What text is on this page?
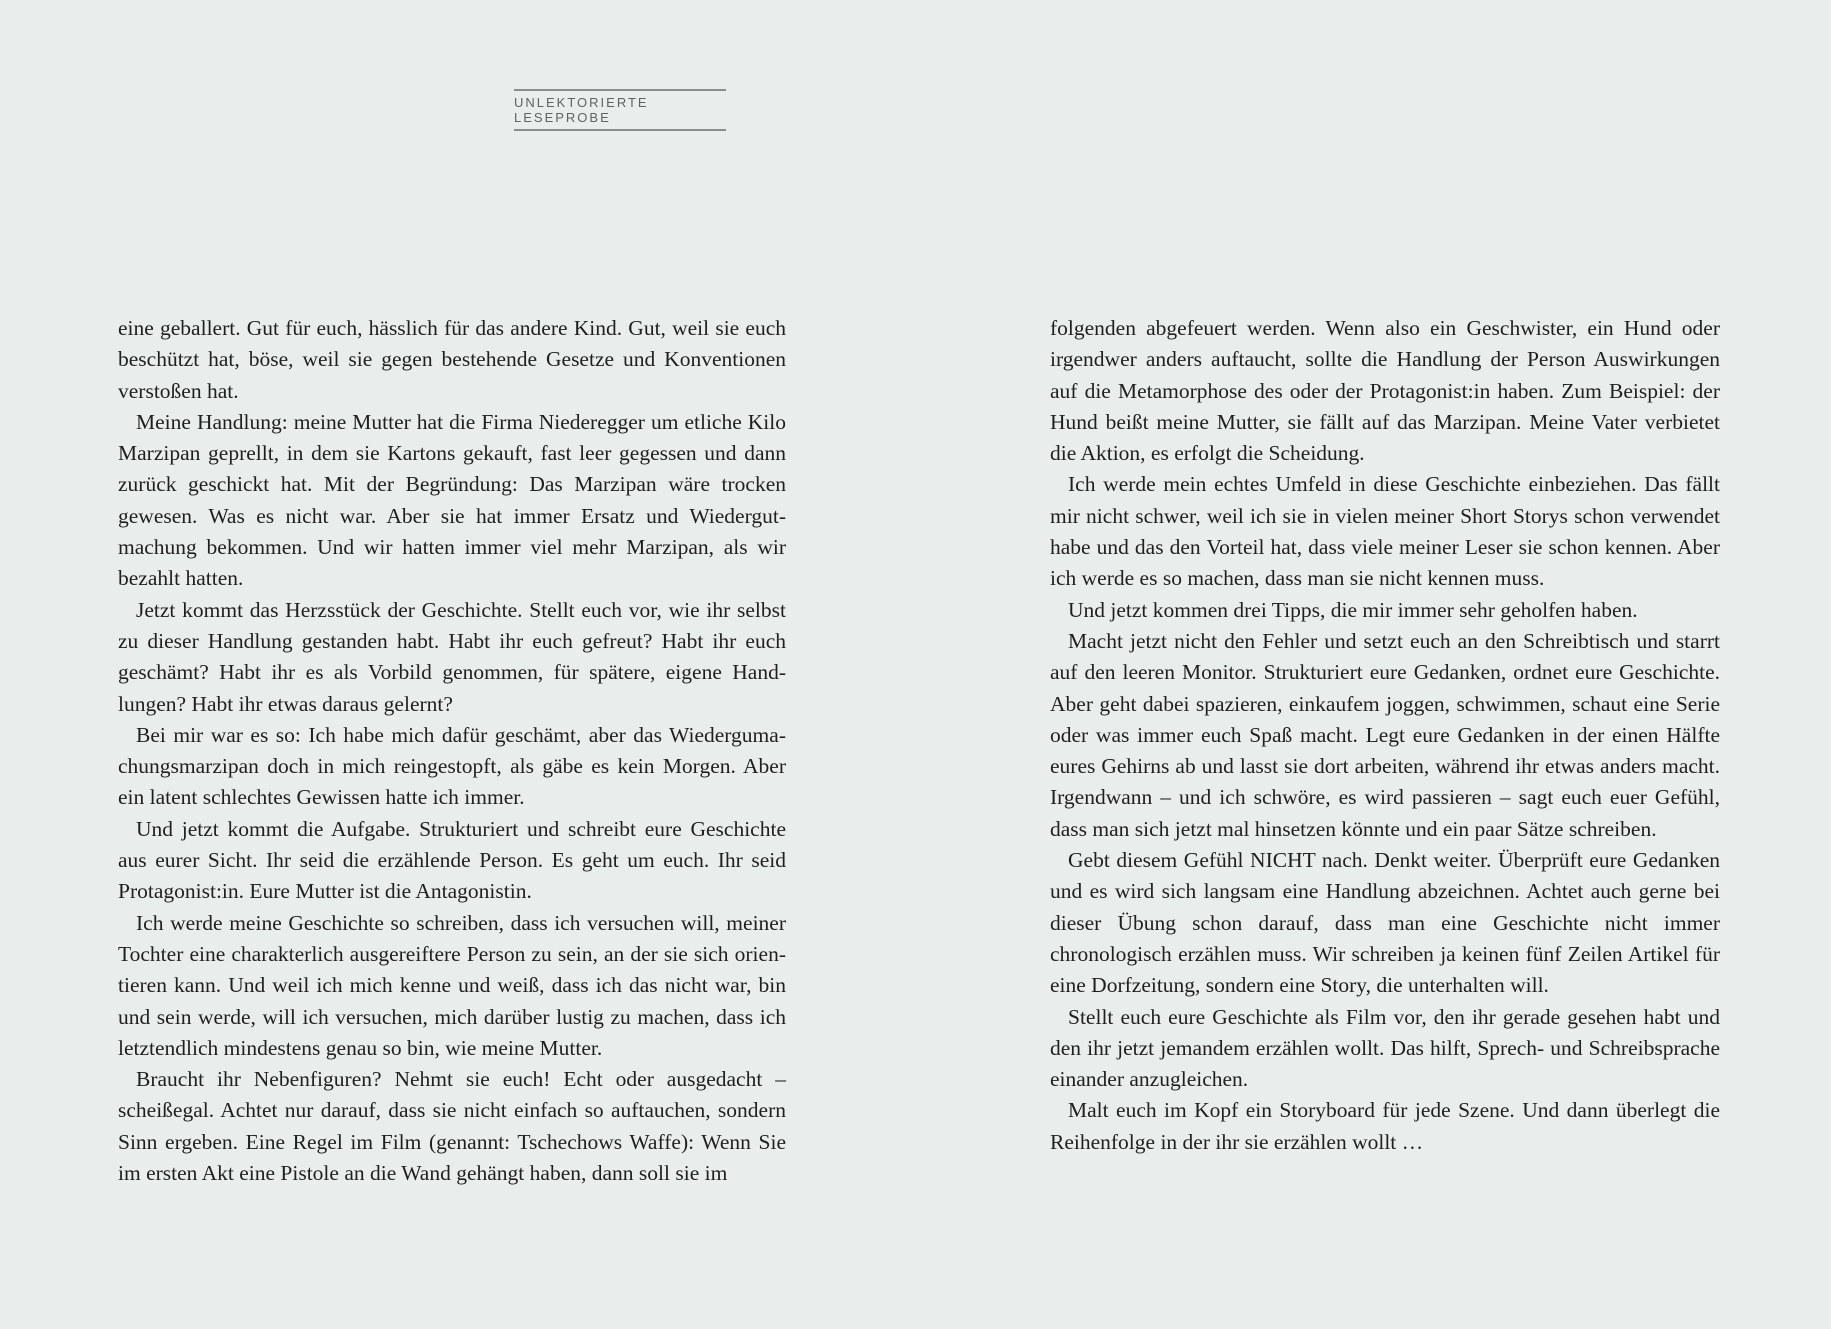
UNLEKTORIERTE LESEPROBE

eine geballert. Gut für euch, hässlich für das andere Kind. Gut, weil sie euch beschützt hat, böse, weil sie gegen bestehende Gesetze und Konventionen verstoßen hat.

Meine Handlung: meine Mutter hat die Firma Niederegger um etliche Kilo Marzipan geprellt, in dem sie Kartons gekauft, fast leer gegessen und dann zurück geschickt hat. Mit der Begründung: Das Marzipan wäre trocken gewesen. Was es nicht war. Aber sie hat immer Ersatz und Wiedergutmachung bekommen. Und wir hatten immer viel mehr Marzipan, als wir bezahlt hatten.

Jetzt kommt das Herzsstück der Geschichte. Stellt euch vor, wie ihr selbst zu dieser Handlung gestanden habt. Habt ihr euch gefreut? Habt ihr euch geschämt? Habt ihr es als Vorbild genommen, für spätere, eigene Handlungen? Habt ihr etwas daraus gelernt?

Bei mir war es so: Ich habe mich dafür geschämt, aber das Wiedergumachungsmarzipan doch in mich reingestopft, als gäbe es kein Morgen. Aber ein latent schlechtes Gewissen hatte ich immer.

Und jetzt kommt die Aufgabe. Strukturiert und schreibt eure Geschichte aus eurer Sicht. Ihr seid die erzählende Person. Es geht um euch. Ihr seid Protagonist:in. Eure Mutter ist die Antagonistin.

Ich werde meine Geschichte so schreiben, dass ich versuchen will, meiner Tochter eine charakterlich ausgereiftere Person zu sein, an der sie sich orientieren kann. Und weil ich mich kenne und weiß, dass ich das nicht war, bin und sein werde, will ich versuchen, mich darüber lustig zu machen, dass ich letztendlich mindestens genau so bin, wie meine Mutter.

Braucht ihr Nebenfiguren? Nehmt sie euch! Echt oder ausgedacht – scheißegal. Achtet nur darauf, dass sie nicht einfach so auftauchen, sondern Sinn ergeben. Eine Regel im Film (genannt: Tschechows Waffe): Wenn Sie im ersten Akt eine Pistole an die Wand gehängt haben, dann soll sie im

folgenden abgefeuert werden. Wenn also ein Geschwister, ein Hund oder irgendwer anders auftaucht, sollte die Handlung der Person Auswirkungen auf die Metamorphose des oder der Protagonist:in haben. Zum Beispiel: der Hund beißt meine Mutter, sie fällt auf das Marzipan. Meine Vater verbietet die Aktion, es erfolgt die Scheidung.

Ich werde mein echtes Umfeld in diese Geschichte einbeziehen. Das fällt mir nicht schwer, weil ich sie in vielen meiner Short Storys schon verwendet habe und das den Vorteil hat, dass viele meiner Leser sie schon kennen. Aber ich werde es so machen, dass man sie nicht kennen muss.

Und jetzt kommen drei Tipps, die mir immer sehr geholfen haben.

Macht jetzt nicht den Fehler und setzt euch an den Schreibtisch und starrt auf den leeren Monitor. Strukturiert eure Gedanken, ordnet eure Geschichte. Aber geht dabei spazieren, einkaufem joggen, schwimmen, schaut eine Serie oder was immer euch Spaß macht. Legt eure Gedanken in der einen Hälfte eures Gehirns ab und lasst sie dort arbeiten, während ihr etwas anders macht. Irgendwann – und ich schwöre, es wird passieren – sagt euch euer Gefühl, dass man sich jetzt mal hinsetzen könnte und ein paar Sätze schreiben.

Gebt diesem Gefühl NICHT nach. Denkt weiter. Überprüft eure Gedanken und es wird sich langsam eine Handlung abzeichnen. Achtet auch gerne bei dieser Übung schon darauf, dass man eine Geschichte nicht immer chronologisch erzählen muss. Wir schreiben ja keinen fünf Zeilen Artikel für eine Dorfzeitung, sondern eine Story, die unterhalten will.

Stellt euch eure Geschichte als Film vor, den ihr gerade gesehen habt und den ihr jetzt jemandem erzählen wollt. Das hilft, Sprech- und Schreibsprache einander anzugleichen.

Malt euch im Kopf ein Storyboard für jede Szene. Und dann überlegt die Reihenfolge in der ihr sie erzählen wollt …
